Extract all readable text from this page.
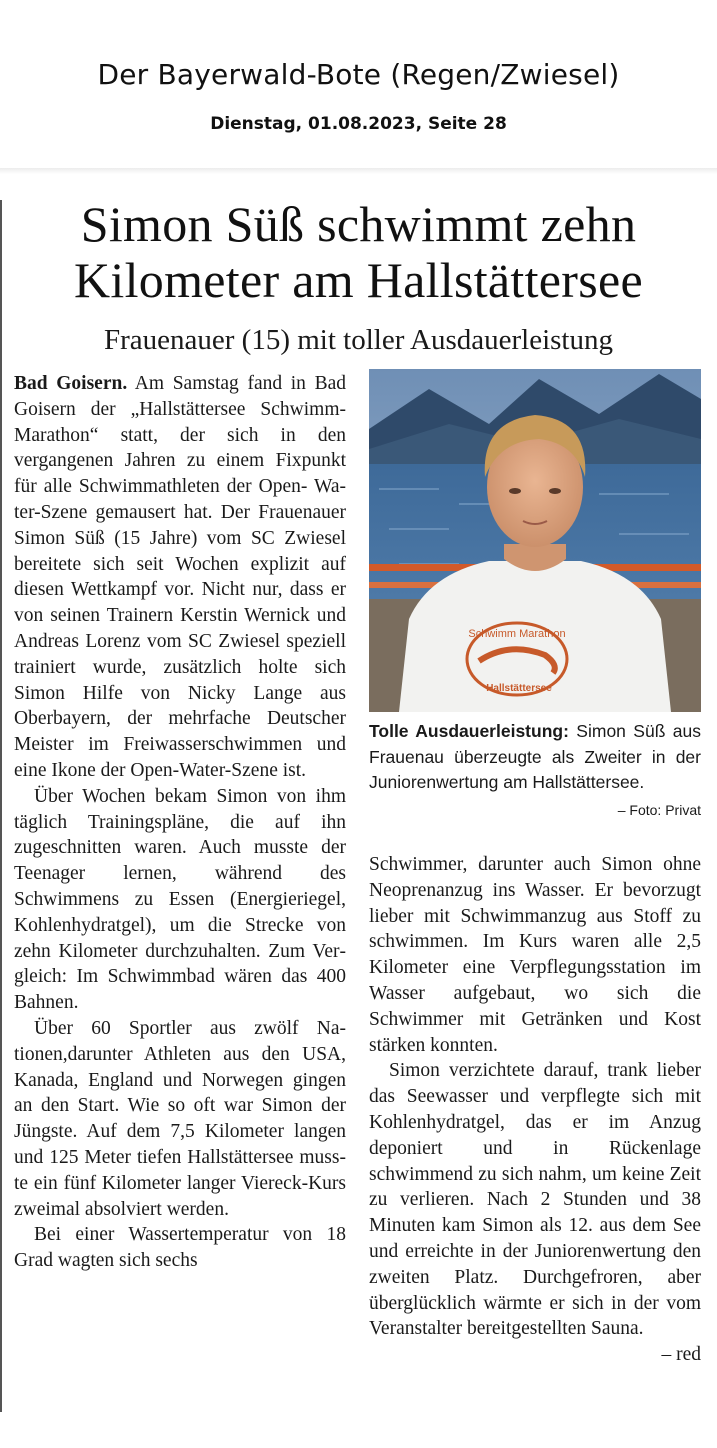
Der Bayerwald-Bote (Regen/Zwiesel)
Dienstag, 01.08.2023, Seite 28
Simon Süß schwimmt zehn
Kilometer am Hallstättersee
Frauenauer (15) mit toller Ausdauerleistung

Bad Goisern. Am Samstag fand in Bad Goisern der „Hallstättersee Schwimm-Marathon“ statt, der sich in den vergangenen Jahren zu einem Fixpunkt für alle Schwimmathleten der Open- Water-Szene gemausert hat. Der Frauenauer Simon Süß (15 Jahre) vom SC Zwiesel bereitete sich seit Wochen explizit auf diesen Wettkampf vor. Nicht nur, dass er von seinen Trainern Kerstin Wernick und Andreas Lorenz vom SC Zwiesel speziell trainiert wurde, zusätzlich holte sich Simon Hilfe von Nicky Lange aus Oberbayern, der mehrfache Deutscher Meister im Freiwasserschwimmen und eine Ikone der Open-Water-Szene ist.

Über Wochen bekam Simon von ihm täglich Trainingspläne, die auf ihn zugeschnitten waren. Auch musste der Teenager lernen, während des Schwimmens zu Essen (Energieriegel, Kohlenhydratgel), um die Strecke von zehn Kilometer durchzuhalten. Zum Vergleich: Im Schwimmbad wären das 400 Bahnen.

Über 60 Sportler aus zwölf Nationen,darunter Athleten aus den USA, Kanada, England und Norwegen gingen an den Start. Wie so oft war Simon der Jüngste. Auf dem 7,5 Kilometer langen und 125 Meter tiefen Hallstättersee musste ein fünf Kilometer langer Viereck-Kurs zweimal absolviert werden.

Bei einer Wassertemperatur von 18 Grad wagten sich sechs

Schwimm Marathon
Hallstättersee
Tolle Ausdauerleistung: Simon Süß aus Frauenau überzeugte als Zweiter in der Juniorenwertung am Hallstättersee.
– Foto: Privat

Schwimmer, darunter auch Simon ohne Neoprenanzug ins Wasser. Er bevorzugt lieber mit Schwimmanzug aus Stoff zu schwimmen. Im Kurs waren alle 2,5 Kilometer eine Verpflegungsstation im Wasser aufgebaut, wo sich die Schwimmer mit Getränken und Kost stärken konnten.

Simon verzichtete darauf, trank lieber das Seewasser und verpflegte sich mit Kohlenhydratgel, das er im Anzug deponiert und in Rückenlage schwimmend zu sich nahm, um keine Zeit zu verlieren. Nach 2 Stunden und 38 Minuten kam Simon als 12. aus dem See und erreichte in der Juniorenwertung den zweiten Platz. Durchgefroren, aber überglücklich wärmte er sich in der vom Veranstalter bereitgestellten Sauna.
– red
